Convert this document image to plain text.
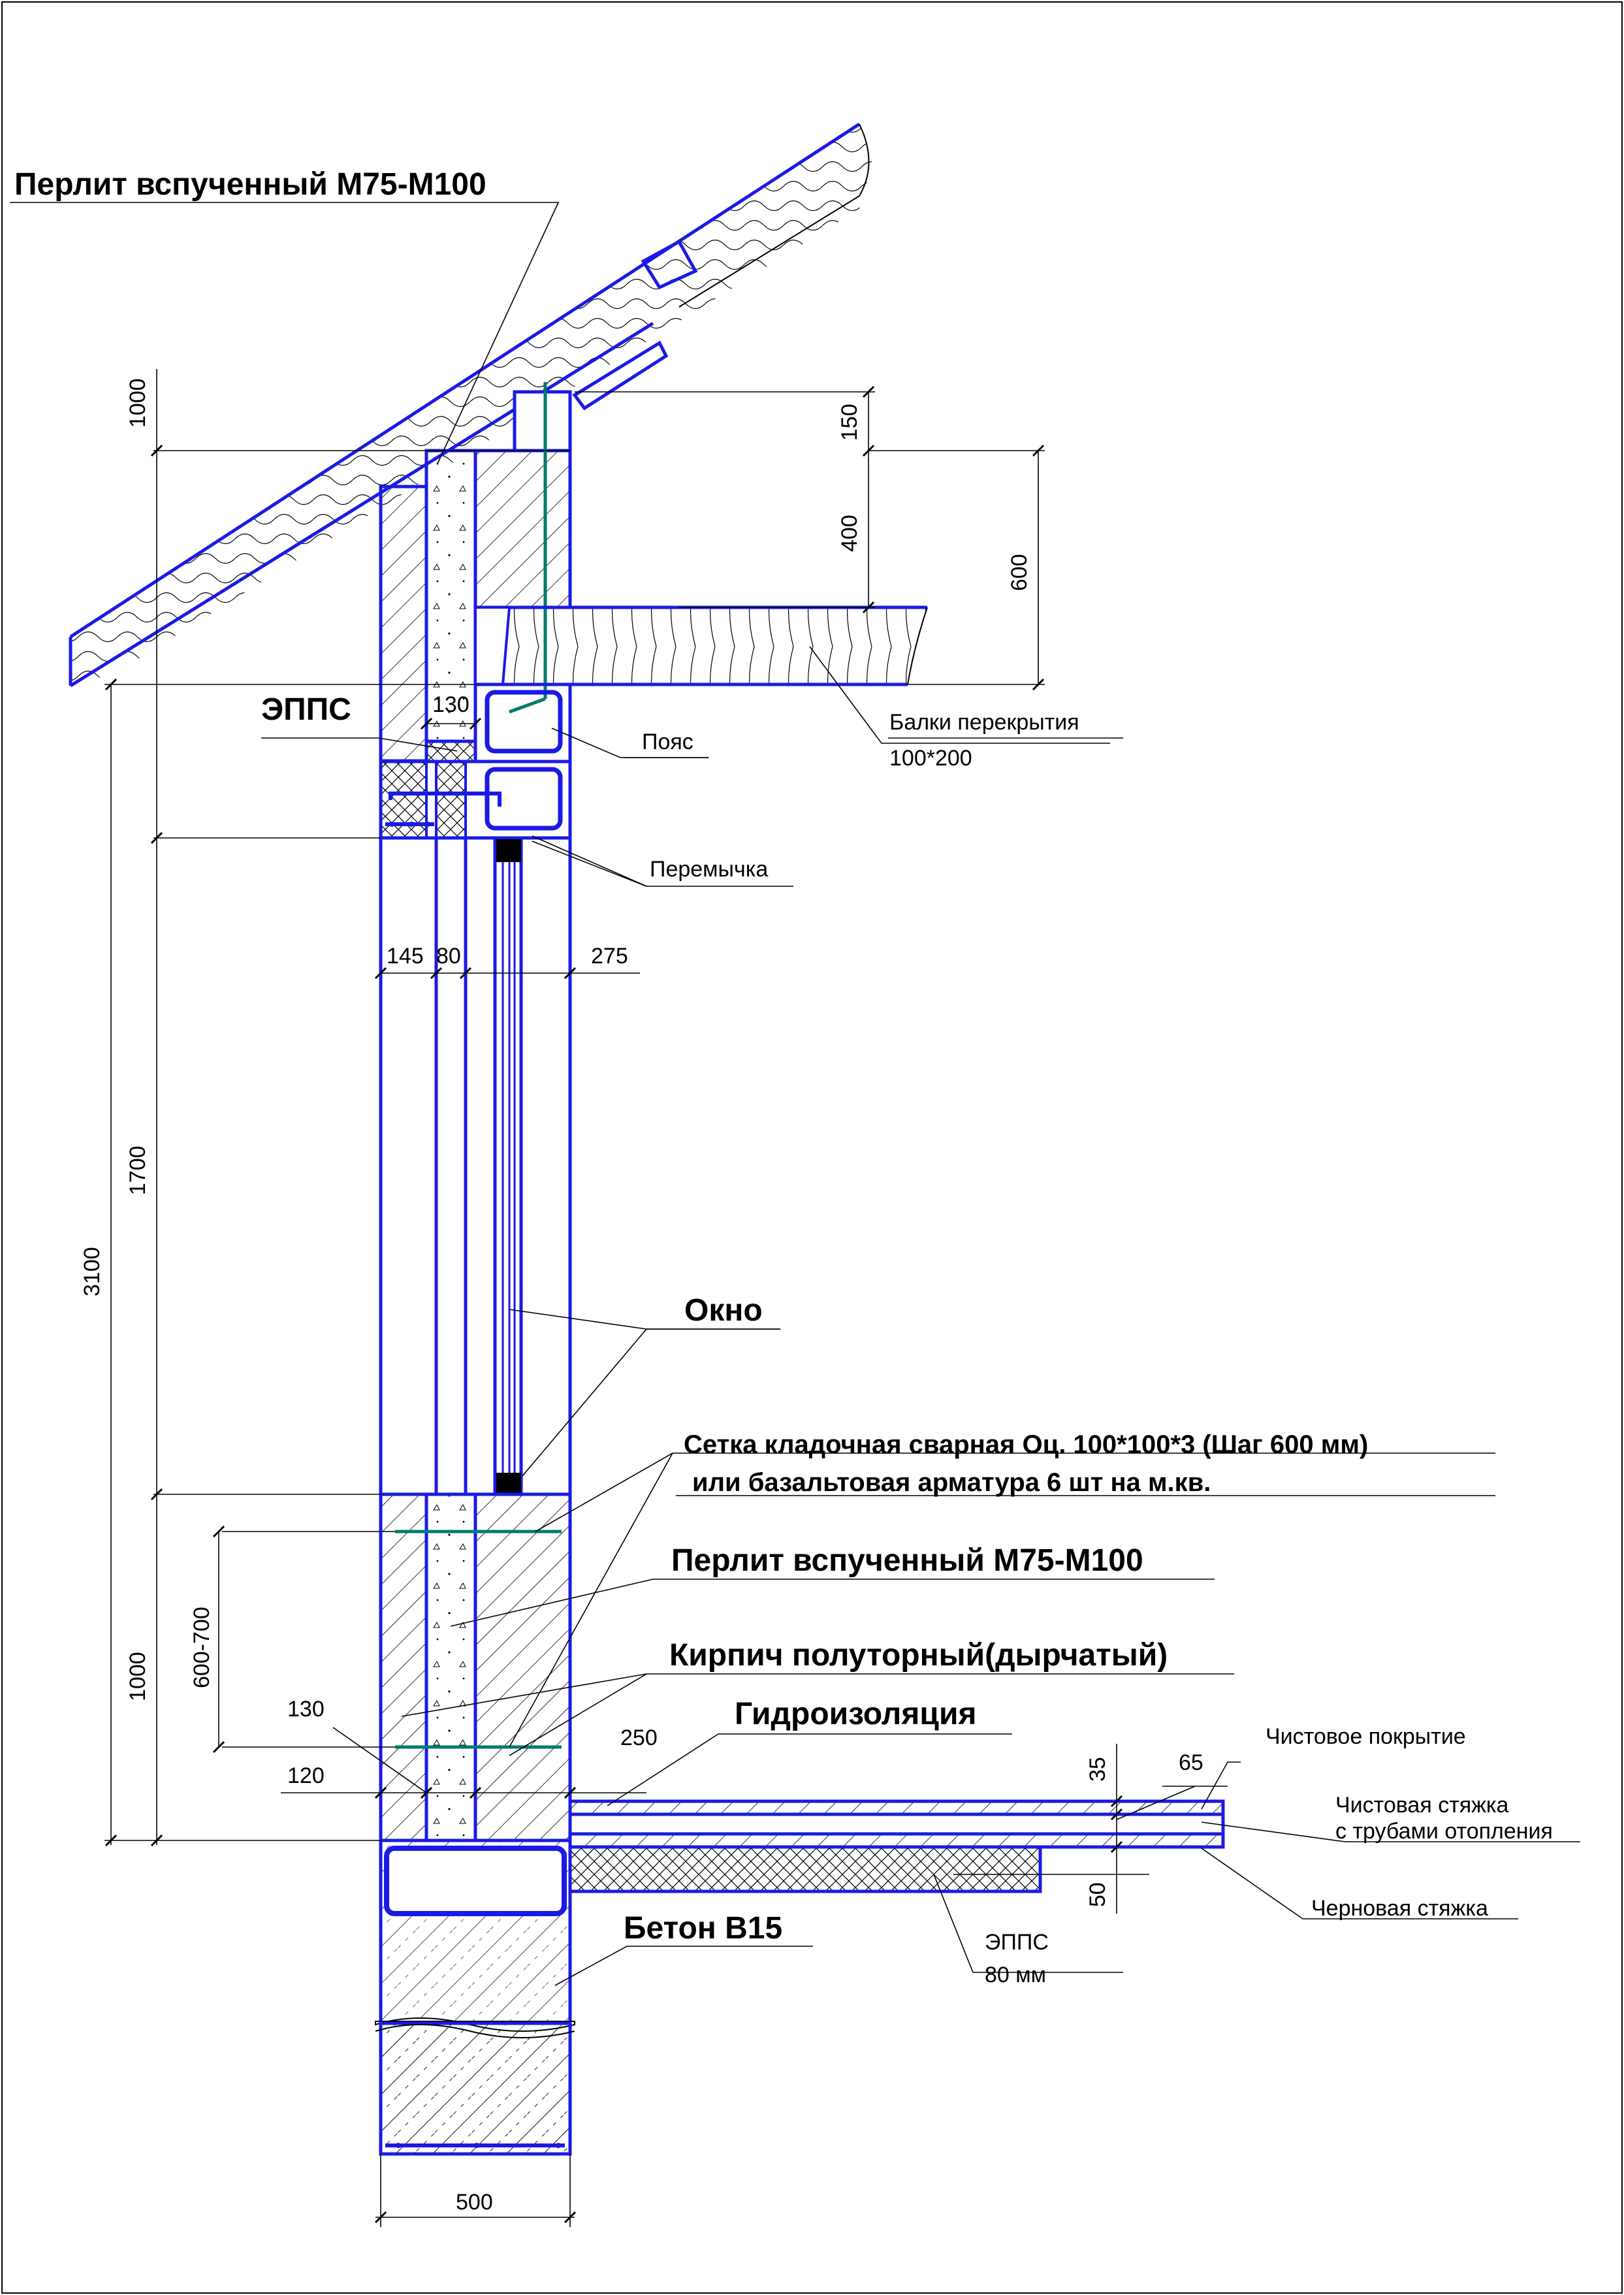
1000
3100
1700
1000 600-700
150
400
600
130
145 80	275
130
120
250
35	65
50
500
Перлит вспученный М75-М100
ЭППС
Пояс
Балки перекрытия
100*200
Перемычка
Окно
Сетка кладочная сварная Оц. 100*100*3 (Шаг 600 мм)
или базальтовая арматура 6 шт на м.кв.
Перлит вспученный М75-М100
Кирпич полуторный(дырчатый)
Гидроизоляция
Бетон В15
Чистовое покрытие
Чистовая стяжка
с трубами отопления
Черновая стяжка
ЭППС
80 мм
